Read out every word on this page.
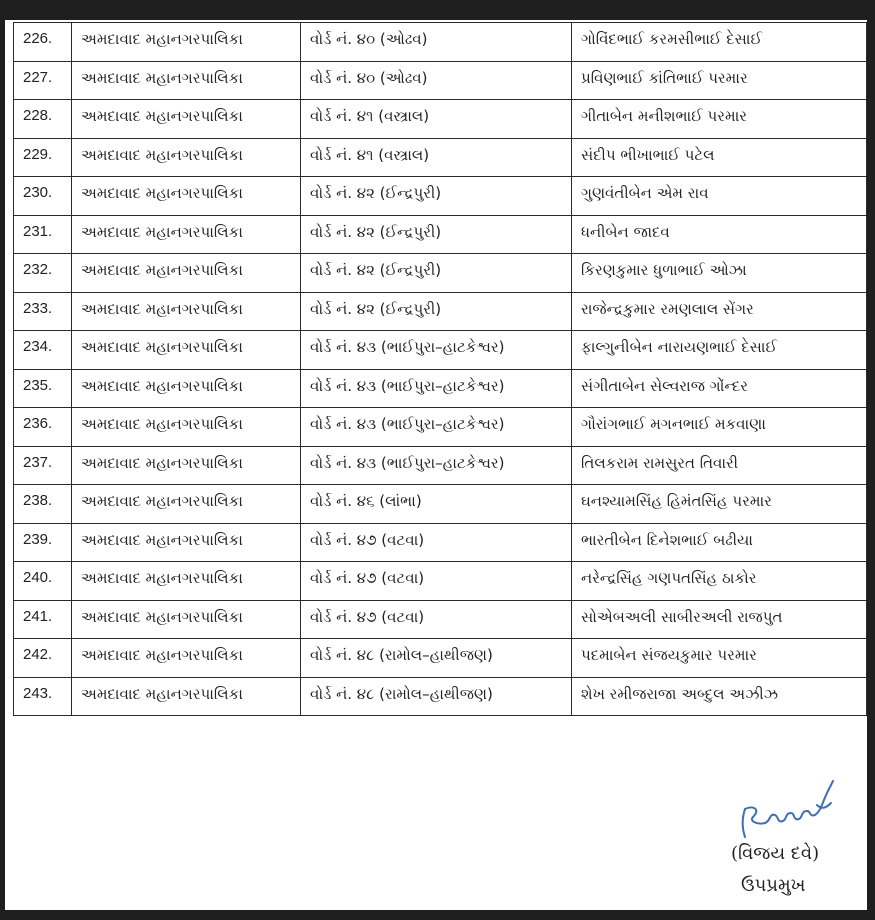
226.	અમદાવાદ મહાનગરપાલિકા	વોર્ડ નં. ૪૦ (ઓઢવ)	ગોવિંદભાઈ કરમસીભાઈ દેસાઈ
227.	અમદાવાદ મહાનગરપાલિકા	વોર્ડ નં. ૪૦ (ઓઢવ)	પ્રવિણભાઈ કાંતિભાઈ પરમાર
228.	અમદાવાદ મહાનગરપાલિકા	વોર્ડ નં. ૪૧ (વસ્ત્રાલ)	ગીતાબેન મનીશભાઈ પરમાર
229.	અમદાવાદ મહાનગરપાલિકા	વોર્ડ નં. ૪૧ (વસ્ત્રાલ)	સંદીપ ભીખાભાઈ પટેલ
230.	અમદાવાદ મહાનગરપાલિકા	વોર્ડ નં. ૪૨ (ઈન્દ્રપુરી)	ગુણવંતીબેન એમ રાવ
231.	અમદાવાદ મહાનગરપાલિકા	વોર્ડ નં. ૪૨ (ઈન્દ્રપુરી)	ધનીબેન જાદવ
232.	અમદાવાદ મહાનગરપાલિકા	વોર્ડ નં. ૪૨ (ઈન્દ્રપુરી)	કિરણકુમાર ધુળાભાઈ ઓઝા
233.	અમદાવાદ મહાનગરપાલિકા	વોર્ડ નં. ૪૨ (ઈન્દ્રપુરી)	રાજેન્દ્રકુમાર રમણલાલ સેંગર
234.	અમદાવાદ મહાનગરપાલિકા	વોર્ડ નં. ૪૩ (ભાઈપુરા–હાટકેશ્વર)	ફાલ્ગુનીબેન નારાયણભાઈ દેસાઈ
235.	અમદાવાદ મહાનગરપાલિકા	વોર્ડ નં. ૪૩ (ભાઈપુરા–હાટકેશ્વર)	સંગીતાબેન સેલ્વરાજ ગોંન્દર
236.	અમદાવાદ મહાનગરપાલિકા	વોર્ડ નં. ૪૩ (ભાઈપુરા–હાટકેશ્વર)	ગૌરાંગભાઈ મગનભાઈ મકવાણા
237.	અમદાવાદ મહાનગરપાલિકા	વોર્ડ નં. ૪૩ (ભાઈપુરા–હાટકેશ્વર)	તિલકરામ રામસુરત તિવારી
238.	અમદાવાદ મહાનગરપાલિકા	વોર્ડ નં. ૪૬ (લાંભા)	ઘનશ્યામસિંહ હિમંતસિંહ પરમાર
239.	અમદાવાદ મહાનગરપાલિકા	વોર્ડ નં. ૪૭ (વટવા)	ભારતીબેન દિનેશભાઈ બઢીયા
240.	અમદાવાદ મહાનગરપાલિકા	વોર્ડ નં. ૪૭ (વટવા)	નરેન્દ્રસિંહ ગણપતસિંહ ઠાકોર
241.	અમદાવાદ મહાનગરપાલિકા	વોર્ડ નં. ૪૭ (વટવા)	સોએબઅલી સાબીરઅલી રાજપુત
242.	અમદાવાદ મહાનગરપાલિકા	વોર્ડ નં. ૪૮ (રામોલ–હાથીજણ)	પદમાબેન સંજયકુમાર પરમાર
243.	અમદાવાદ મહાનગરપાલિકા	વોર્ડ નં. ૪૮ (રામોલ–હાથીજણ)	શેખ રમીજરાજા અબ્દુલ અઝીઝ
(વિજય દવે)
ઉપપ્રમુખ
